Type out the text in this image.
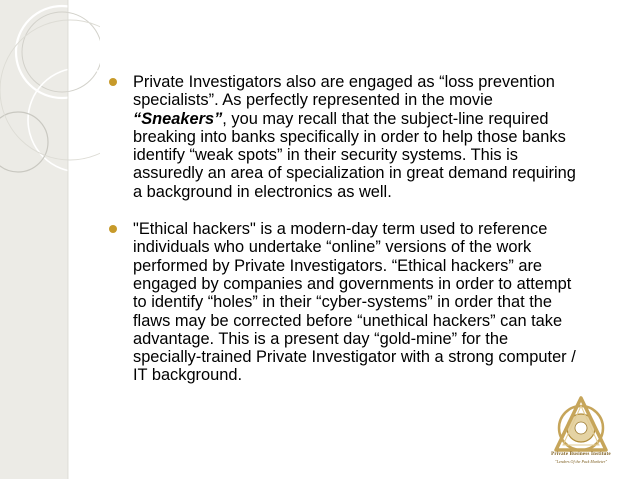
Private Investigators also are engaged as “loss prevention
specialists”. As perfectly represented in the movie
“Sneakers”, you may recall that the subject-line required
breaking into banks specifically in order to help those banks
identify “weak spots” in their security systems. This is
assuredly an area of specialization in great demand requiring
a background in electronics as well.
"Ethical hackers" is a modern-day term used to reference
individuals who undertake “online” versions of the work
performed by Private Investigators. “Ethical hackers” are
engaged by companies and governments in order to attempt
to identify “holes” in their “cyber-systems” in order that the
flaws may be corrected before “unethical hackers” can take
advantage. This is a present day “gold-mine” for the
specially-trained Private Investigator with a strong computer /
IT background.
Private Business Institute
"Lenders Of the Pack Marketer"
